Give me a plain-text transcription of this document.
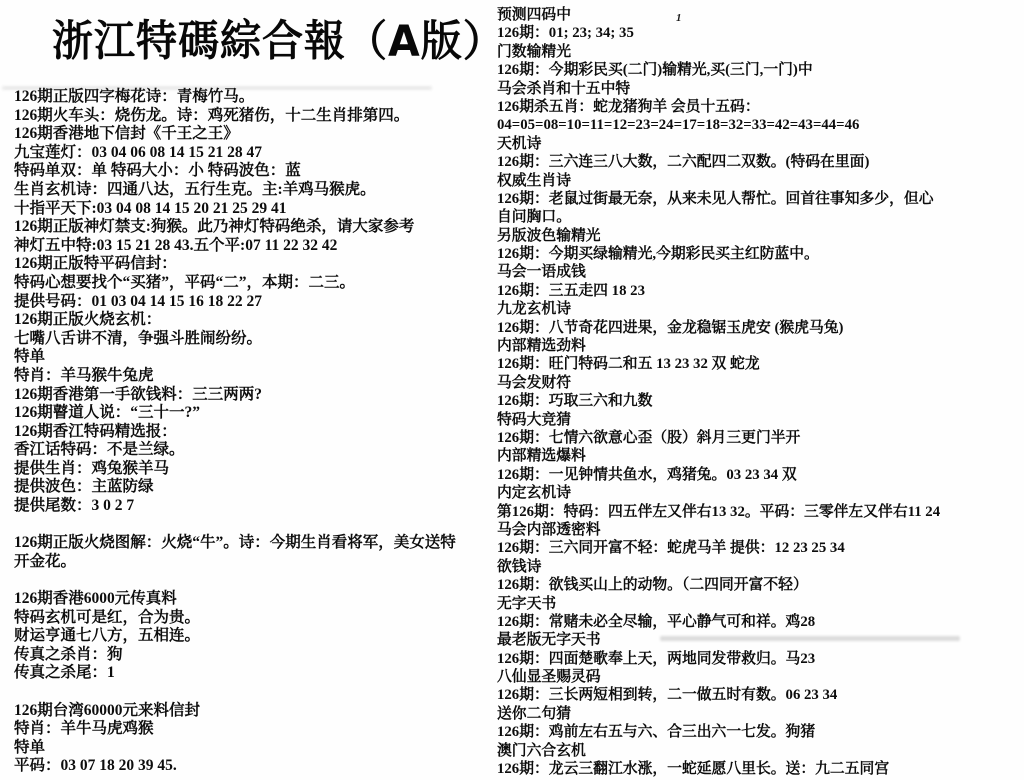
浙江特碼綜合報（A版）	1
126期正版四字梅花诗：青梅竹马。
126期火车头：烧伤龙。诗：鸡死猪伤，十二生肖排第四。
126期香港地下信封《千王之王》
九宝莲灯：03 04 06 08 14 15 21 28 47
特码单双：单 特码大小：小 特码波色：蓝
生肖玄机诗：四通八达，五行生克。主:羊鸡马猴虎。
十指平天下:03 04 08 14 15 20 21 25 29 41
126期正版神灯禁支:狗猴。此乃神灯特码绝杀，请大家参考
神灯五中特:03 15 21 28 43.五个平:07 11 22 32 42
126期正版特平码信封：
特码心想要找个“买猪”，平码“二”，本期：二三。
提供号码：01 03 04 14 15 16 18 22 27
126期正版火烧玄机：
七嘴八舌讲不清，争强斗胜闹纷纷。
特单
特肖：羊马猴牛兔虎
126期香港第一手欲钱料：三三两两?
126期瞽道人说：“三十一?”
126期香江特码精选报：
香江话特码：不是兰绿。
提供生肖：鸡兔猴羊马
提供波色：主蓝防绿
提供尾数：3 0 2 7
126期正版火烧图解：火烧“牛”。诗：今期生肖看将军，美女送特
开金花。
126期香港6000元传真料
特码玄机可是红，合为贵。
财运亨通七八方，五相连。
传真之杀肖：狗
传真之杀尾：1
126期台湾60000元来料信封
特肖：羊牛马虎鸡猴
特单
平码：03 07 18 20 39 45.
预测四码中
126期：01; 23; 34; 35
门数输精光
126期：今期彩民买(二门)输精光,买(三门,一门)中
马会杀肖和十五中特
126期杀五肖：蛇龙猪狗羊 会员十五码：
04=05=08=10=11=12=23=24=17=18=32=33=42=43=44=46
天机诗
126期：三六连三八大数，二六配四二双数。(特码在里面)
权威生肖诗
126期：老鼠过街最无奈，从来未见人帮忙。回首往事知多少，但心
自问胸口。
另版波色输精光
126期：今期买绿输精光,今期彩民买主红防蓝中。
马会一语成钱
126期：三五走四 18 23
九龙玄机诗
126期：八节奇花四进果，金龙稳锯玉虎安 (猴虎马兔)
内部精选劲料
126期：旺门特码二和五 13 23 32 双 蛇龙
马会发财符
126期：巧取三六和九数
特码大竞猜
126期：七情六欲意心歪（股）斜月三更门半开
内部精选爆料
126期：一见钟情共鱼水，鸡猪兔。03 23 34 双
内定玄机诗
第126期：特码：四五伴左又伴右13 32。平码：三零伴左又伴右11 24
马会内部透密料
126期：三六同开富不轻：蛇虎马羊 提供：12 23 25 34
欲钱诗
126期：欲钱买山上的动物。（二四同开富不轻）
无字天书
126期：常赌未必全尽输，平心静气可和祥。鸡28
最老版无字天书
126期：四面楚歌奉上天，两地同发带救归。马23
八仙显圣赐灵码
126期：三长两短相到转，二一做五时有数。06 23 34
送你二句猜
126期：鸡前左右五与六、合三出六一七发。狗猪
澳门六合玄机
126期：龙云三翻江水涨，一蛇延愿八里长。送：九二五同宫
